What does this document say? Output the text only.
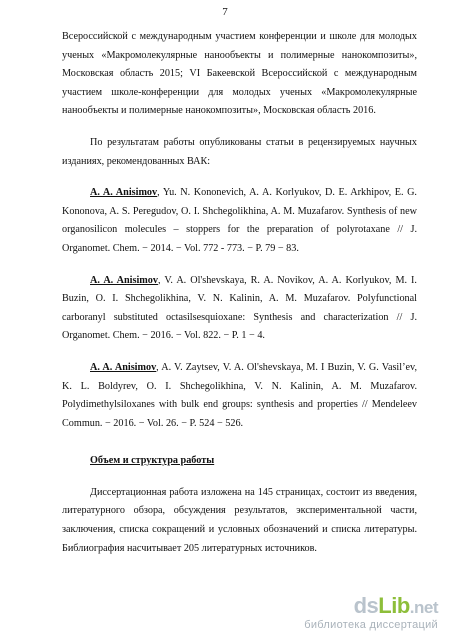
7

Всероссийской с международным участием конференции и школе для молодых ученых «Макромолекулярные нанообъекты и полимерные нанокомпозиты», Московская область 2015; VI Бакеевской Всероссийской с международным участием школе-конференции для молодых ученых «Макромолекулярные нанообъекты и полимерные нанокомпозиты», Московская область 2016.

По результатам работы опубликованы статьи в рецензируемых научных изданиях, рекомендованных ВАК:

A. A. Anisimov, Yu. N. Kononevich, A. A. Korlyukov, D. E. Arkhipov, E. G. Kononova, A. S. Peregudov, O. I. Shchegolikhina, A. M. Muzafarov. Synthesis of new organosilicon molecules – stoppers for the preparation of polyrotaxane // J. Organomet. Chem. − 2014. − Vol. 772 - 773. − P. 79 − 83.

A. A. Anisimov, V. A. Ol'shevskaya, R. A. Novikov, A. A. Korlyukov, M. I. Buzin, O. I. Shchegolikhina, V. N. Kalinin, A. M. Muzafarov. Polyfunctional carboranyl substituted octasilsesquioxane: Synthesis and characterization // J. Organomet. Chem. − 2016. − Vol. 822. − P. 1 − 4.

A. A. Anisimov, A. V. Zaytsev, V. A. Ol'shevskaya, M. I Buzin, V. G. Vasil’ev, K. L. Boldyrev, O. I. Shchegolikhina, V. N. Kalinin, A. M. Muzafarov. Polydimethylsiloxanes with bulk end groups: synthesis and properties // Mendeleev Commun. − 2016. − Vol. 26. − P. 524 − 526.

Объем и структура работы

Диссертационная работа изложена на 145 страницах, состоит из введения, литературного обзора, обсуждения результатов, экспериментальной части, заключения, списка сокращений и условных обозначений и списка литературы. Библиография насчитывает 205 литературных источников.

dsLib.net
библиотека диссертаций
